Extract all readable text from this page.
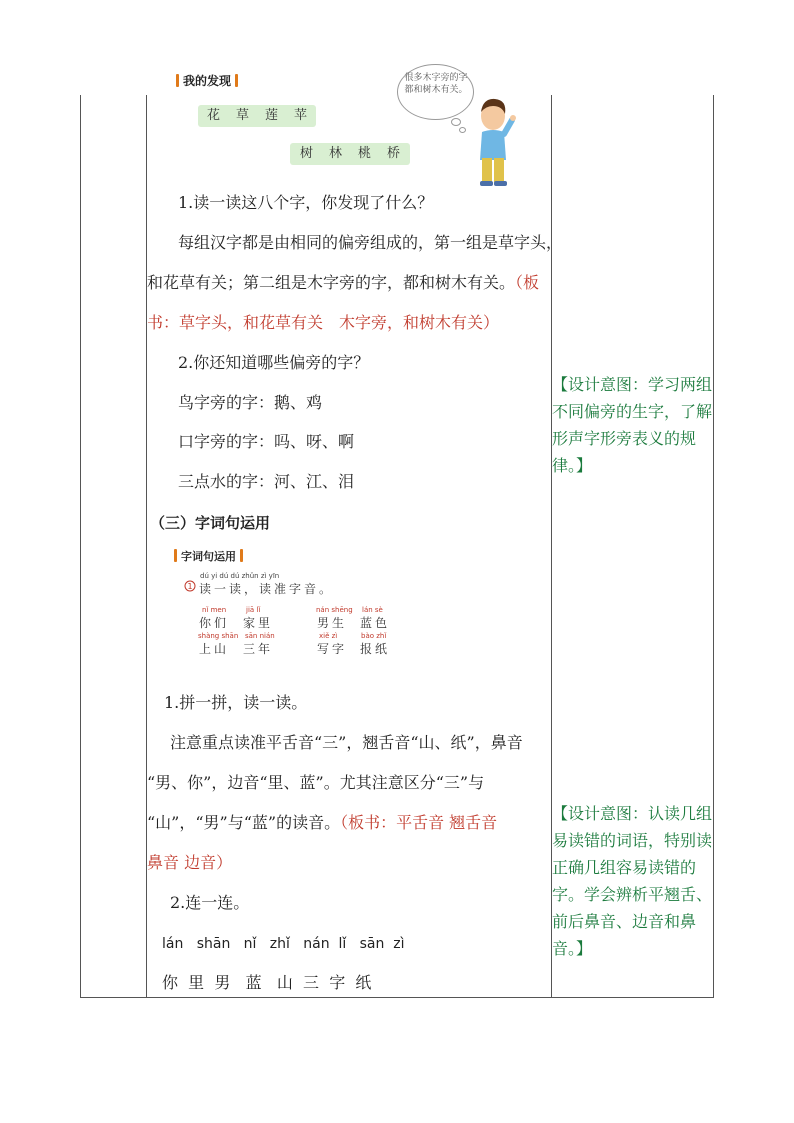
我的发现
花 草 莲 苹
树 林 桃 桥
很多木字旁的字都和树木有关。
1.读一读这八个字，你发现了什么？
每组汉字都是由相同的偏旁组成的，第一组是草字头，
和花草有关；第二组是木字旁的字，都和树木有关。（板
书：草字头，和花草有关　木字旁，和树木有关）
2.你还知道哪些偏旁的字？
鸟字旁的字：鹅、鸡
口字旁的字：吗、呀、啊
三点水的字：河、江、泪
（三）字词句运用
字词句运用
dú yi dú dú zhǔn zì yīn
1 读一读，读准字音。
nǐ men
你们
jiā lǐ
家里
nán shēng
男生
lán sè
蓝色
shàng shān
上山
sān nián
三年
xiě zì
写字
bào zhǐ
报纸
1.拼一拼，读一读。
注意重点读准平舌音“三”，翘舌音“山、纸”，鼻音
“男、你”，边音“里、蓝”。尤其注意区分“三”与
“山”，“男”与“蓝”的读音。（板书：平舌音 翘舌音
鼻音 边音）
2.连一连。
lán   shān   nǐ   zhǐ   nán  lǐ   sān  zì
你  里  男   蓝   山  三  字  纸
【设计意图：学习两组
不同偏旁的生字，了解
形声字形旁表义的规
律。】
【设计意图：认读几组
易读错的词语，特别读
正确几组容易读错的
字。学会辨析平翘舌、
前后鼻音、边音和鼻
音。】
